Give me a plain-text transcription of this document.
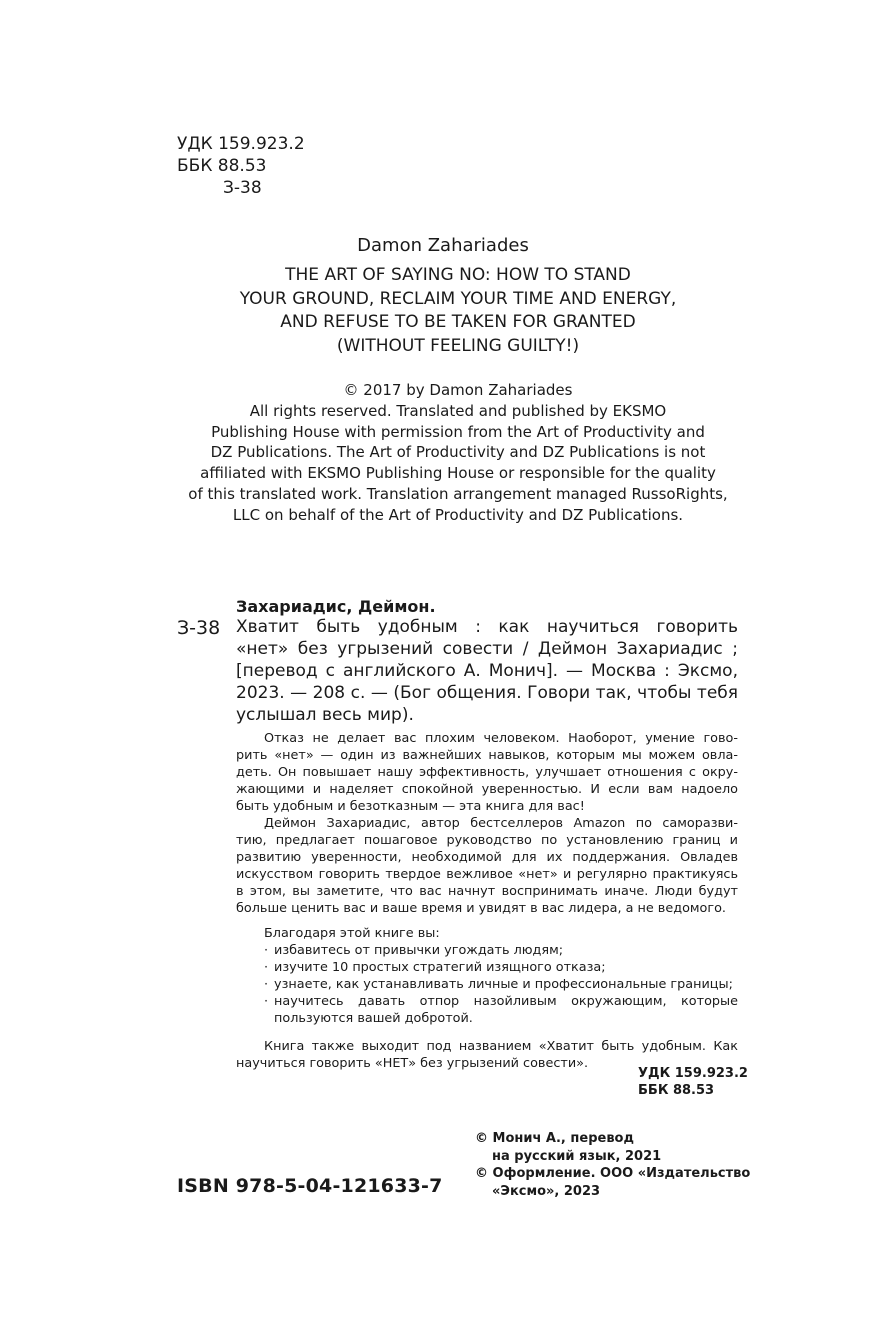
УДК 159.923.2
ББК 88.53
З-38
Damon Zahariades
THE ART OF SAYING NO: HOW TO STAND
YOUR GROUND, RECLAIM YOUR TIME AND ENERGY,
AND REFUSE TO BE TAKEN FOR GRANTED
(WITHOUT FEELING GUILTY!)
© 2017 by Damon Zahariades
All rights reserved. Translated and published by EKSMO
Publishing House with permission from the Art of Productivity and
DZ Publications. The Art of Productivity and DZ Publications is not
affiliated with EKSMO Publishing House or responsible for the quality
of this translated work. Translation arrangement managed RussoRights,
LLC on behalf of the Art of Productivity and DZ Publications.
Захариадис, Деймон.
З-38 Хватит быть удобным : как научиться говорить
«нет» без угрызений совести / Деймон Захариадис ;
[перевод с английского А. Монич]. — Москва : Эксмо,
2023. — 208 с. — (Бог общения. Говори так, чтобы тебя
услышал весь мир).
Отказ не делает вас плохим человеком. Наоборот, умение гово-
рить «нет» — один из важнейших навыков, которым мы можем овла-
деть. Он повышает нашу эффективность, улучшает отношения с окру-
жающими и наделяет спокойной уверенностью. И если вам надоело
быть удобным и безотказным — эта книга для вас!
Деймон Захариадис, автор бестселлеров Amazon по саморазви-
тию, предлагает пошаговое руководство по установлению границ и
развитию уверенности, необходимой для их поддержания. Овладев
искусством говорить твердое вежливое «нет» и регулярно практикуясь
в этом, вы заметите, что вас начнут воспринимать иначе. Люди будут
больше ценить вас и ваше время и увидят в вас лидера, а не ведомого.
Благодаря этой книге вы:
· избавитесь от привычки угождать людям;
· изучите 10 простых стратегий изящного отказа;
· узнаете, как устанавливать личные и профессиональные границы;
· научитесь давать отпор назойливым окружающим, которые
пользуются вашей добротой.
Книга также выходит под названием «Хватит быть удобным. Как
научиться говорить «НЕТ» без угрызений совести».
УДК 159.923.2
ББК 88.53
ISBN 978-5-04-121633-7
© Монич А., перевод
на русский язык, 2021
© Оформление. ООО «Издательство
«Эксмо», 2023
